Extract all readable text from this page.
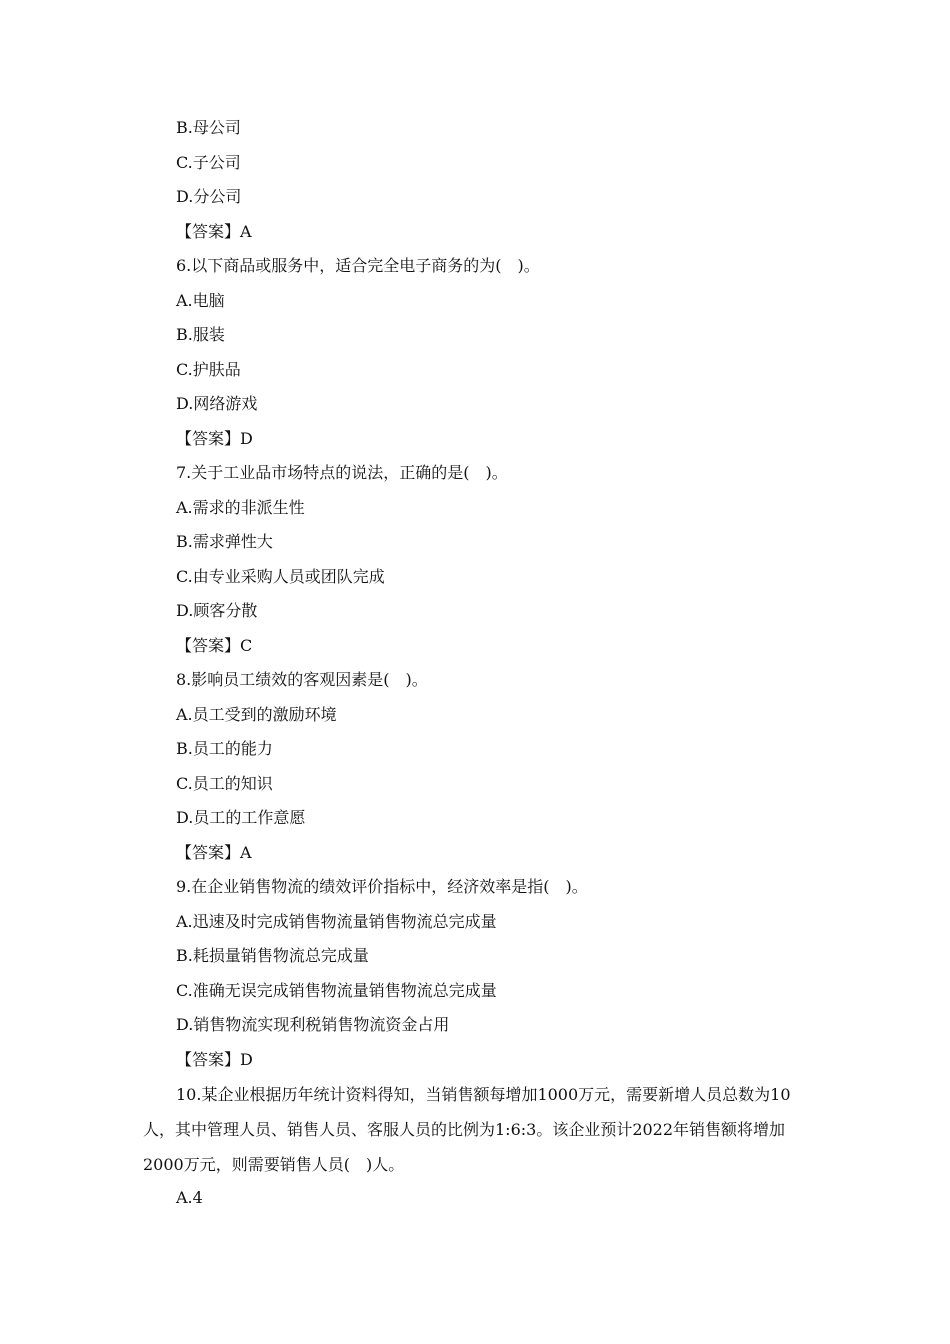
B.母公司
C.子公司
D.分公司
【答案】A
6.以下商品或服务中，适合完全电子商务的为(　)。
A.电脑
B.服装
C.护肤品
D.网络游戏
【答案】D
7.关于工业品市场特点的说法，正确的是(　)。
A.需求的非派生性
B.需求弹性大
C.由专业采购人员或团队完成
D.顾客分散
【答案】C
8.影响员工绩效的客观因素是(　)。
A.员工受到的激励环境
B.员工的能力
C.员工的知识
D.员工的工作意愿
【答案】A
9.在企业销售物流的绩效评价指标中，经济效率是指(　)。
A.迅速及时完成销售物流量销售物流总完成量
B.耗损量销售物流总完成量
C.准确无误完成销售物流量销售物流总完成量
D.销售物流实现利税销售物流资金占用
【答案】D
10.某企业根据历年统计资料得知，当销售额每增加1000万元，需要新增人员总数为10人，其中管理人员、销售人员、客服人员的比例为1:6:3。该企业预计2022年销售额将增加2000万元，则需要销售人员(　)人。
A.4
